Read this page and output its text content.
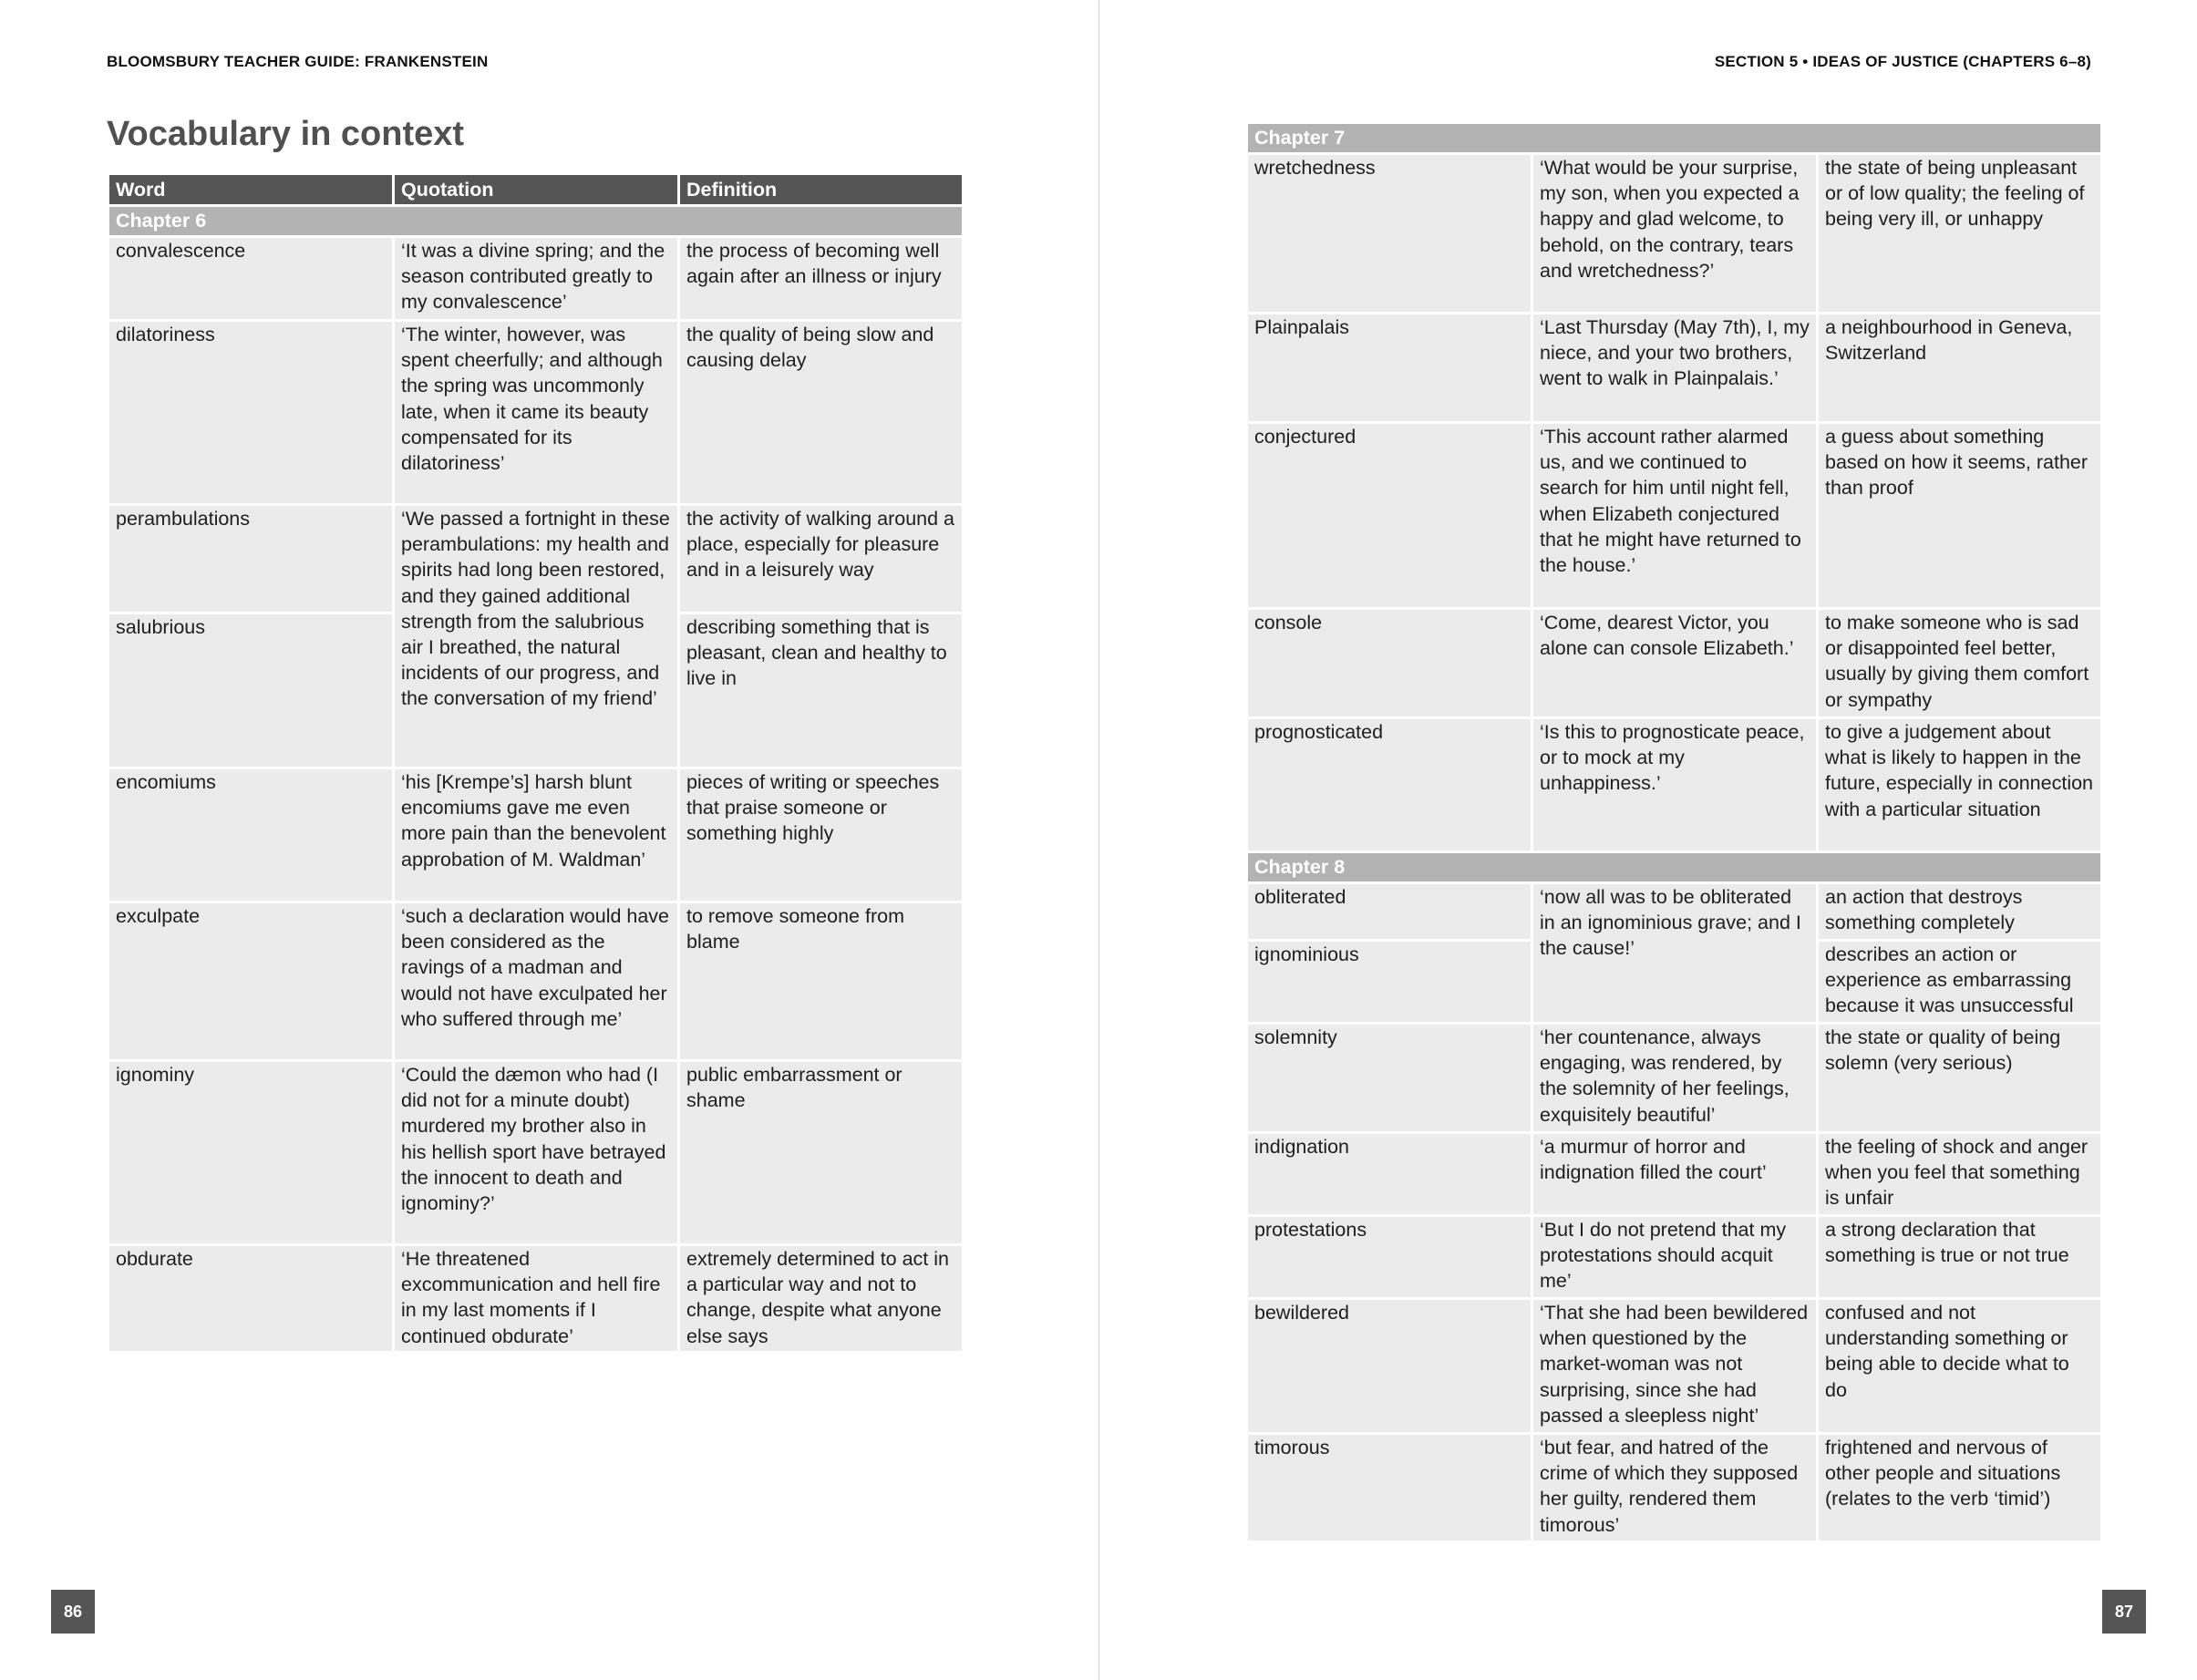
BLOOMSBURY TEACHER GUIDE: FRANKENSTEIN
Vocabulary in context
Word	Quotation	Definition
Chapter 6		
convalescence	‘It was a divine spring; and the season contributed greatly to my convalescence’	the process of becoming well again after an illness or injury
dilatoriness	‘The winter, however, was spent cheerfully; and although the spring was uncommonly late, when it came its beauty compensated for its dilatoriness’	the quality of being slow and causing delay
perambulations	‘We passed a fortnight in these perambulations: my health and spirits had long been restored, and they gained additional strength from the salubrious air I breathed, the natural incidents of our progress, and the conversation of my friend’	the activity of walking around a place, especially for pleasure and in a leisurely way
salubrious		describing something that is pleasant, clean and healthy to live in
encomiums	‘his [Krempe’s] harsh blunt encomiums gave me even more pain than the benevolent approbation of M. Waldman’	pieces of writing or speeches that praise someone or something highly
exculpate	‘such a declaration would have been considered as the ravings of a madman and would not have exculpated her who suffered through me’	to remove someone from blame
ignominy	‘Could the dæmon who had (I did not for a minute doubt) murdered my brother also in his hellish sport have betrayed the innocent to death and ignominy?’	public embarrassment or shame
obdurate	‘He threatened excommunication and hell fire in my last moments if I continued obdurate’	extremely determined to act in a particular way and not to change, despite what anyone else says
86
SECTION 5 • IDEAS OF JUSTICE (CHAPTERS 6–8)
Chapter 7		
wretchedness	‘What would be your surprise, my son, when you expected a happy and glad welcome, to behold, on the contrary, tears and wretchedness?’	the state of being unpleasant or of low quality; the feeling of being very ill, or unhappy
Plainpalais	‘Last Thursday (May 7th), I, my niece, and your two brothers, went to walk in Plainpalais.’	a neighbourhood in Geneva, Switzerland
conjectured	‘This account rather alarmed us, and we continued to search for him until night fell, when Elizabeth conjectured that he might have returned to the house.’	a guess about something based on how it seems, rather than proof
console	‘Come, dearest Victor, you alone can console Elizabeth.’	to make someone who is sad or disappointed feel better, usually by giving them comfort or sympathy
prognosticated	‘Is this to prognosticate peace, or to mock at my unhappiness.’	to give a judgement about what is likely to happen in the future, especially in connection with a particular situation
Chapter 8		
obliterated	‘now all was to be obliterated in an ignominious grave; and I the cause!’	an action that destroys something completely
ignominious		describes an action or experience as embarrassing because it was unsuccessful
solemnity	‘her countenance, always engaging, was rendered, by the solemnity of her feelings, exquisitely beautiful’	the state or quality of being solemn (very serious)
indignation	‘a murmur of horror and indignation filled the court’	the feeling of shock and anger when you feel that something is unfair
protestations	‘But I do not pretend that my protestations should acquit me’	a strong declaration that something is true or not true
bewildered	‘That she had been bewildered when questioned by the market-woman was not surprising, since she had passed a sleepless night’	confused and not understanding something or being able to decide what to do
timorous	‘but fear, and hatred of the crime of which they supposed her guilty, rendered them timorous’	frightened and nervous of other people and situations (relates to the verb ‘timid’)
87
